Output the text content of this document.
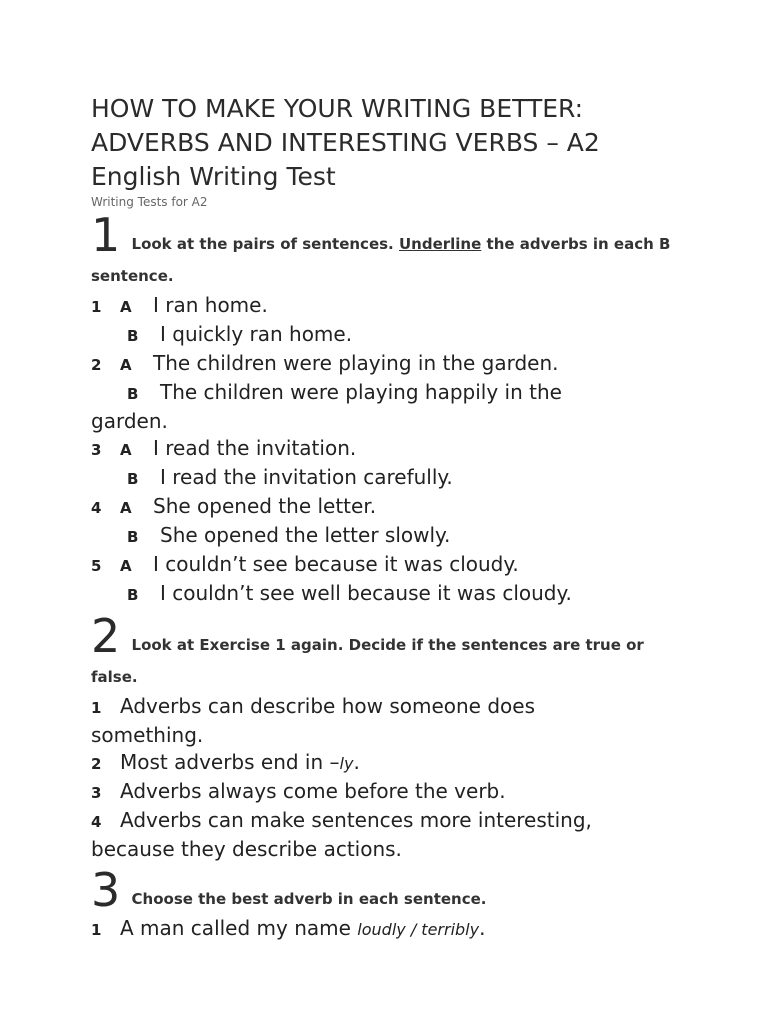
HOW TO MAKE YOUR WRITING BETTER:
ADVERBS AND INTERESTING VERBS – A2
English Writing Test

Writing Tests for A2

1 Look at the pairs of sentences. Underline the adverbs in each B sentence.

1 A I ran home.

B I quickly ran home.

2 A The children were playing in the garden.

B The children were playing happily in the

garden.

3 A I read the invitation.

B I read the invitation carefully.

4 A She opened the letter.

B She opened the letter slowly.

5 A I couldn’t see because it was cloudy.

B I couldn’t see well because it was cloudy.

2 Look at Exercise 1 again. Decide if the sentences are true or false.

1 Adverbs can describe how someone does

something.

2 Most adverbs end in –ly.

3 Adverbs always come before the verb.

4 Adverbs can make sentences more interesting,

because they describe actions.

3 Choose the best adverb in each sentence.

1 A man called my name loudly / terribly.
